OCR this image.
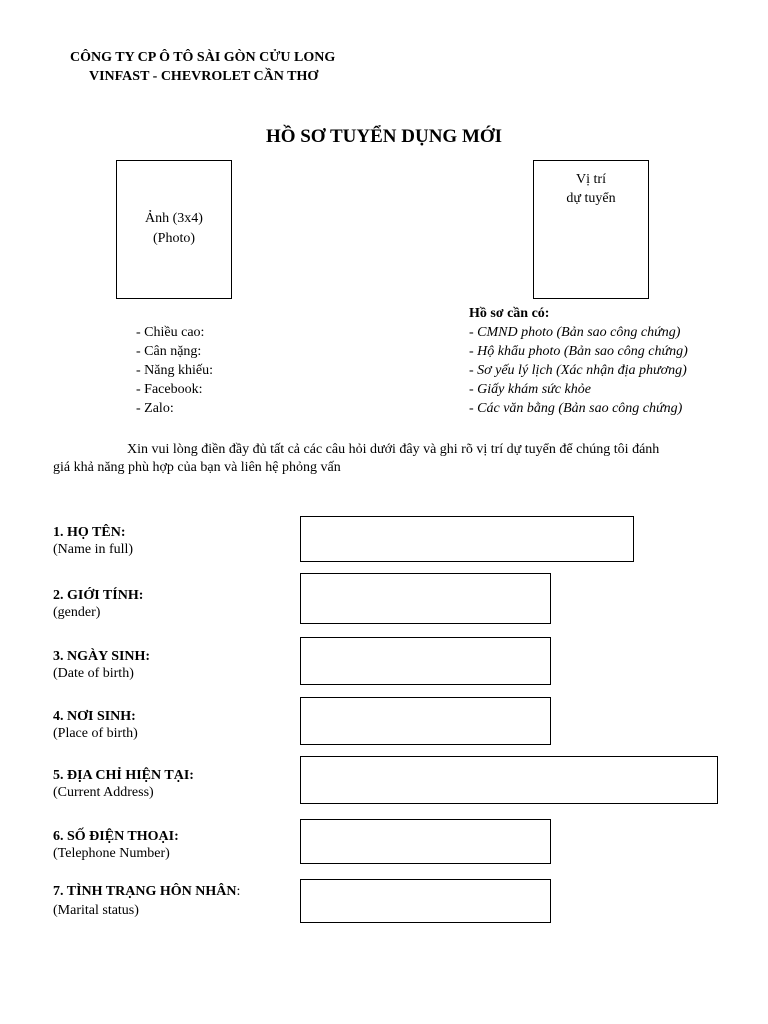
CÔNG TY CP Ô TÔ SÀI GÒN CỬU LONG
VINFAST - CHEVROLET CẦN THƠ
HỒ SƠ TUYỂN DỤNG MỚI
Ảnh (3x4)
(Photo)
Vị trí
dự tuyển
- Chiều cao:
- Cân nặng:
- Năng khiếu:
- Facebook:
- Zalo:
Hồ sơ cần có:
- CMND photo (Bản sao công chứng)
- Hộ khẩu photo (Bản sao công chứng)
- Sơ yếu lý lịch (Xác nhận địa phương)
- Giấy khám sức khỏe
- Các văn bằng (Bản sao công chứng)
Xin vui lòng điền đầy đủ tất cả các câu hỏi dưới đây và ghi rõ vị trí dự tuyển để chúng tôi đánh
giá khả năng phù hợp của bạn và liên hệ phỏng vấn
1. HỌ TÊN:
(Name in full)
2. GIỚI TÍNH:
(gender)
3. NGÀY SINH:
(Date of birth)
4. NƠI SINH:
(Place of birth)
5. ĐỊA CHỈ HIỆN TẠI:
(Current Address)
6. SỐ ĐIỆN THOẠI:
(Telephone Number)
7. TÌNH TRẠNG HÔN NHÂN:
(Marital status)
